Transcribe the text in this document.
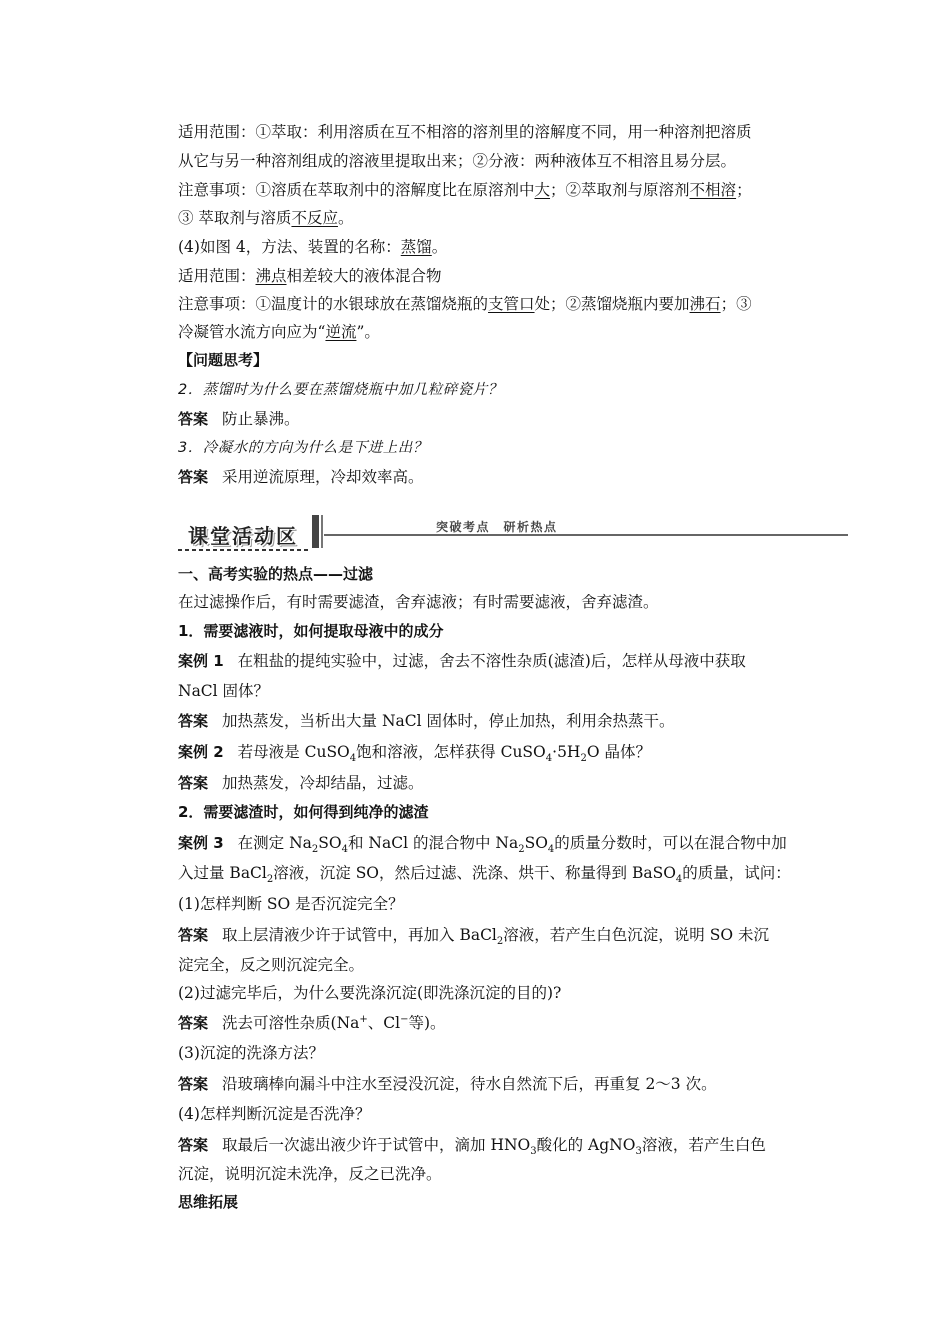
适用范围：①萃取：利用溶质在互不相溶的溶剂里的溶解度不同，用一种溶剂把溶质
从它与另一种溶剂组成的溶液里提取出来；②分液：两种液体互不相溶且易分层。
注意事项：①溶质在萃取剂中的溶解度比在原溶剂中大；②萃取剂与原溶剂不相溶；
③ 萃取剂与溶质不反应。
(4)如图 4，方法、装置的名称：蒸馏。
适用范围：沸点相差较大的液体混合物
注意事项：①温度计的水银球放在蒸馏烧瓶的支管口处；②蒸馏烧瓶内要加沸石；③
冷凝管水流方向应为“逆流”。
【问题思考】
2．蒸馏时为什么要在蒸馏烧瓶中加几粒碎瓷片？
答案 防止暴沸。
3．冷凝水的方向为什么是下进上出？
答案 采用逆流原理，冷却效率高。
课堂活动区	突破考点　研析热点
一、高考实验的热点——过滤
在过滤操作后，有时需要滤渣，舍弃滤液；有时需要滤液，舍弃滤渣。
1．需要滤液时，如何提取母液中的成分
案例 1 在粗盐的提纯实验中，过滤，舍去不溶性杂质(滤渣)后，怎样从母液中获取
NaCl 固体？
答案 加热蒸发，当析出大量 NaCl 固体时，停止加热，利用余热蒸干。
案例 2 若母液是 CuSO$_4$饱和溶液，怎样获得 $CuSO_4\cdot 5H_2O$ 晶体？
答案 加热蒸发，冷却结晶，过滤。
2．需要滤渣时，如何得到纯净的滤渣
案例 3 在测定 $Na_2SO_4$和 NaCl 的混合物中 $Na_2SO_4$的质量分数时，可以在混合物中加
入过量 BaCl$_2$溶液，沉淀 SO，然后过滤、洗涤、烘干、称量得到 BaSO$_4$的质量，试问：
(1)怎样判断 SO 是否沉淀完全？
答案 取上层清液少许于试管中，再加入 BaCl$_2$溶液，若产生白色沉淀，说明 SO 未沉
淀完全，反之则沉淀完全。
(2)过滤完毕后，为什么要洗涤沉淀(即洗涤沉淀的目的)?
答案 洗去可溶性杂质(Na+、Cl−等)。
(3)沉淀的洗涤方法？
答案 沿玻璃棒向漏斗中注水至浸没沉淀，待水自然流下后，再重复 2～3 次。
(4)怎样判断沉淀是否洗净？
答案 取最后一次滤出液少许于试管中，滴加 $HNO_3$酸化的 AgNO$_3$溶液，若产生白色
沉淀，说明沉淀未洗净，反之已洗净。
思维拓展
